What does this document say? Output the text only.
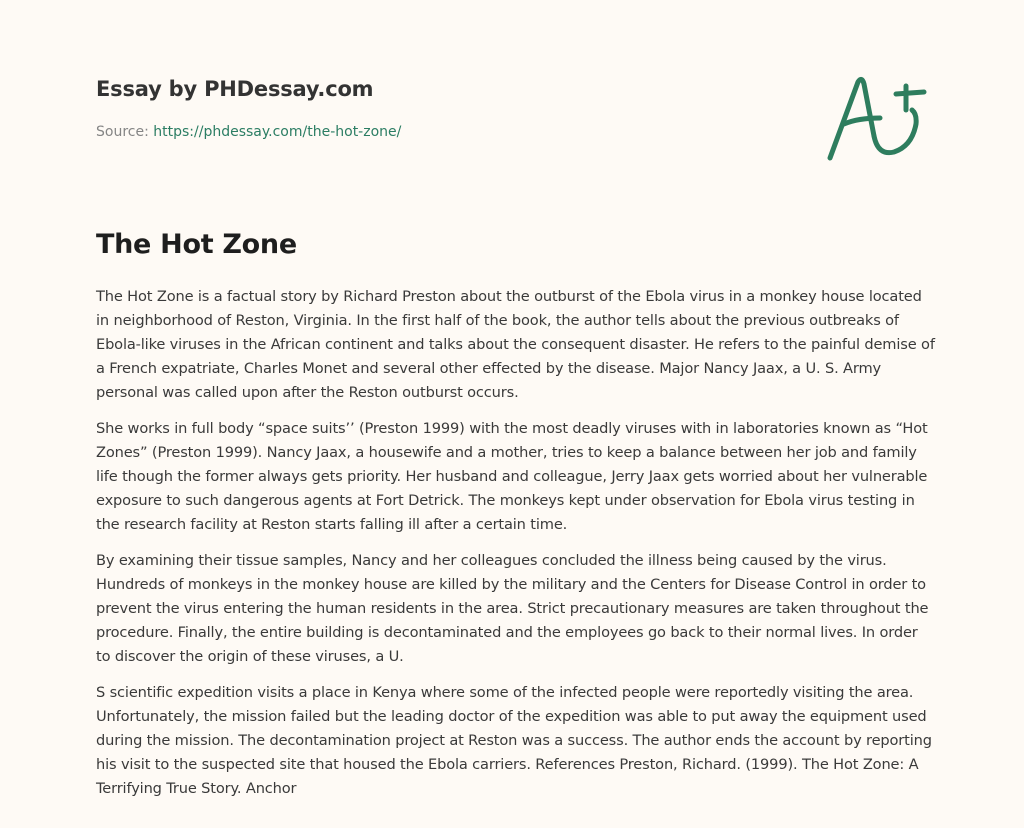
Essay by PHDessay.com
Source: https://phdessay.com/the-hot-zone/
The Hot Zone

The Hot Zone is a factual story by Richard Preston about the outburst of the Ebola virus in a monkey house located in neighborhood of Reston, Virginia. In the first half of the book, the author tells about the previous outbreaks of Ebola-like viruses in the African continent and talks about the consequent disaster. He refers to the painful demise of a French expatriate, Charles Monet and several other effected by the disease. Major Nancy Jaax, a U. S. Army personal was called upon after the Reston outburst occurs.

She works in full body “space suits’’ (Preston 1999) with the most deadly viruses with in laboratories known as “Hot Zones” (Preston 1999). Nancy Jaax, a housewife and a mother, tries to keep a balance between her job and family life though the former always gets priority. Her husband and colleague, Jerry Jaax gets worried about her vulnerable exposure to such dangerous agents at Fort Detrick. The monkeys kept under observation for Ebola virus testing in the research facility at Reston starts falling ill after a certain time.

By examining their tissue samples, Nancy and her colleagues concluded the illness being caused by the virus. Hundreds of monkeys in the monkey house are killed by the military and the Centers for Disease Control in order to prevent the virus entering the human residents in the area. Strict precautionary measures are taken throughout the procedure. Finally, the entire building is decontaminated and the employees go back to their normal lives. In order to discover the origin of these viruses, a U.

S scientific expedition visits a place in Kenya where some of the infected people were reportedly visiting the area. Unfortunately, the mission failed but the leading doctor of the expedition was able to put away the equipment used during the mission. The decontamination project at Reston was a success. The author ends the account by reporting his visit to the suspected site that housed the Ebola carriers. References Preston, Richard. (1999). The Hot Zone: A Terrifying True Story. Anchor
